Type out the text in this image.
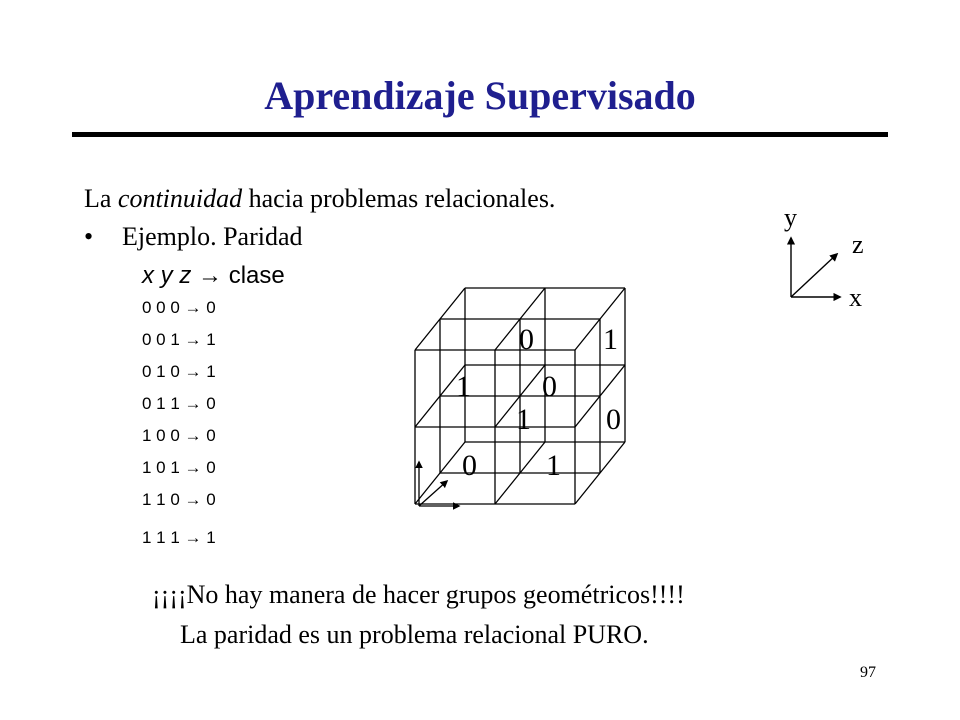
Aprendizaje Supervisado
La continuidad hacia problemas relacionales.
• Ejemplo. Paridad
x y z → clase
0 0 0 → 0
0 0 1 → 1
0 1 0 → 1
0 1 1 → 0
1 0 0 → 0
1 0 1 → 0
1 1 0 → 0
1 1 1 → 1
0 1
1 0
1	0
0 1
y
z
x
¡¡¡¡No hay manera de hacer grupos geométricos!!!!
La paridad es un problema relacional PURO.
97
